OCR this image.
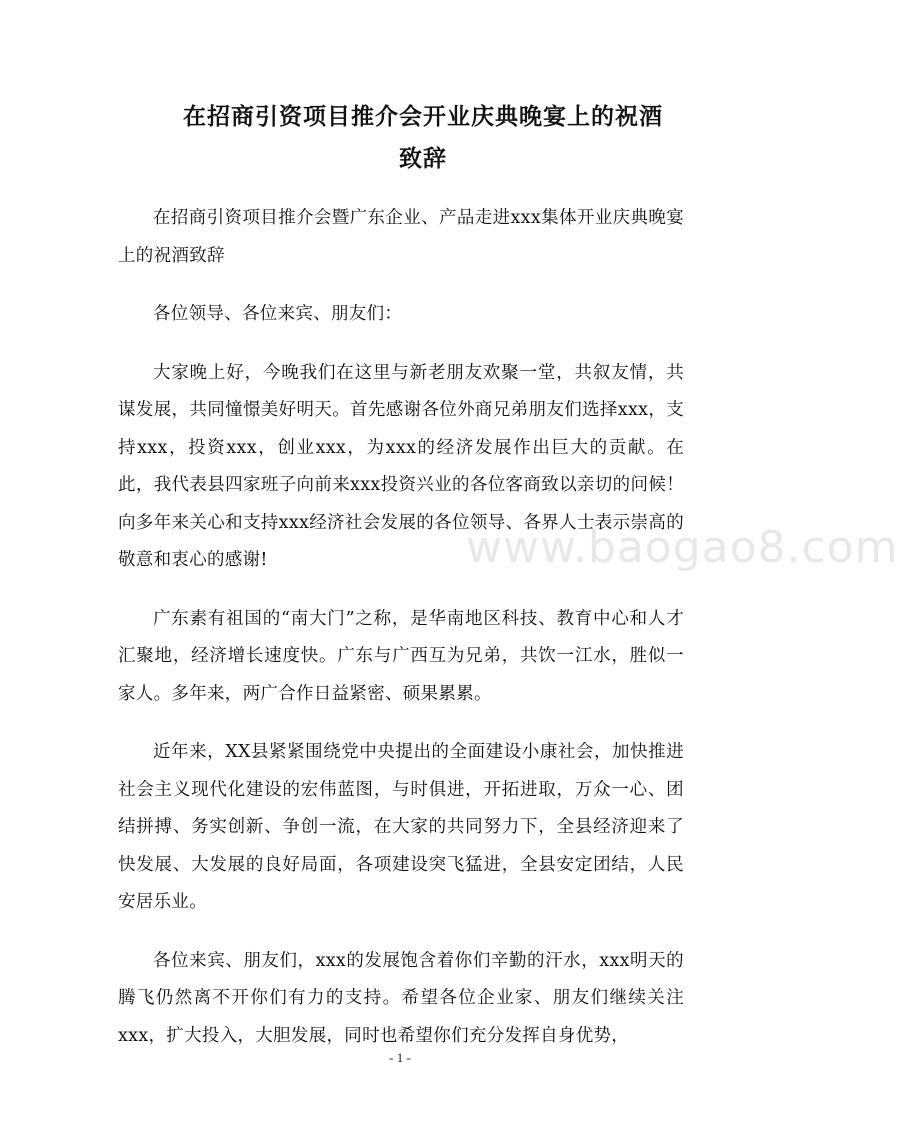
在招商引资项目推介会开业庆典晚宴上的祝酒
致辞

在招商引资项目推介会暨广东企业、产品走进xxx集体开业庆典晚宴上的祝酒致辞

各位领导、各位来宾、朋友们：

大家晚上好，今晚我们在这里与新老朋友欢聚一堂，共叙友情，共谋发展，共同憧憬美好明天。首先感谢各位外商兄弟朋友们选择xxx，支持xxx，投资xxx，创业xxx，为xxx的经济发展作出巨大的贡献。在此，我代表县四家班子向前来xxx投资兴业的各位客商致以亲切的问候！向多年来关心和支持xxx经济社会发展的各位领导、各界人士表示崇高的敬意和衷心的感谢!

广东素有祖国的“南大门”之称，是华南地区科技、教育中心和人才汇聚地，经济增长速度快。广东与广西互为兄弟，共饮一江水，胜似一家人。多年来，两广合作日益紧密、硕果累累。

近年来，XX县紧紧围绕党中央提出的全面建设小康社会，加快推进社会主义现代化建设的宏伟蓝图，与时俱进，开拓进取，万众一心、团结拼搏、务实创新、争创一流，在大家的共同努力下，全县经济迎来了快发展、大发展的良好局面，各项建设突飞猛进，全县安定团结，人民安居乐业。

各位来宾、朋友们，xxx的发展饱含着你们辛勤的汗水，xxx明天的腾飞仍然离不开你们有力的支持。希望各位企业家、朋友们继续关注xxx，扩大投入，大胆发展，同时也希望你们充分发挥自身优势，

www.baogao8.com
- 1 -
